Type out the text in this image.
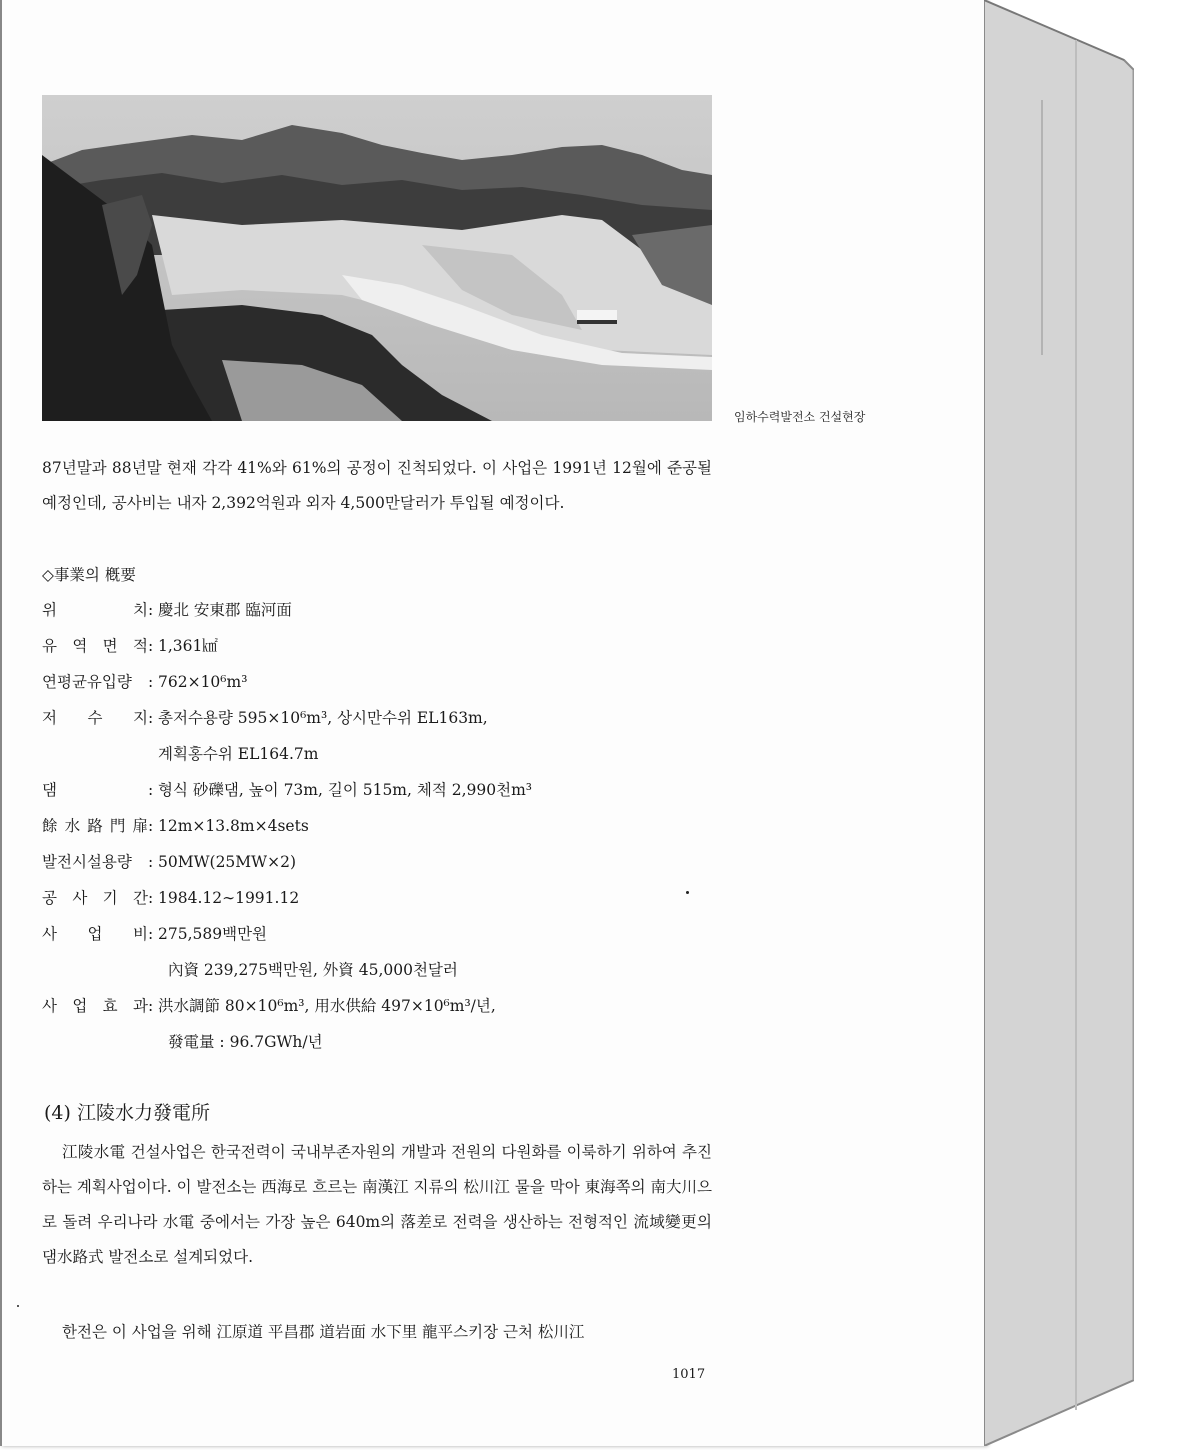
임하수력발전소 건설현장
87년말과 88년말 현재 각각 41%와 61%의 공정이 진척되었다. 이 사업은 1991년 12월에 준공될 예정인데, 공사비는 내자 2,392억원과 외자 4,500만달러가 투입될 예정이다.
◇事業의 槪要
위 치: 慶北 安東郡 臨河面
유 역 면 적: 1,361㎢
연평균유입량 : 762×10⁶m³
저 수 지: 총저수용량 595×10⁶m³, 상시만수위 EL163m,
계획홍수위 EL164.7m
댐	: 형식 砂礫댐, 높이 73m, 길이 515m, 체적 2,990천m³
餘水路門扉: 12m×13.8m×4sets
발전시설용량 : 50MW(25MW×2)
공 사 기 간: 1984.12∼1991.12
사 업 비: 275,589백만원
內資 239,275백만원, 外資 45,000천달러
사 업 효 과: 洪水調節 80×10⁶m³, 用水供給 497×10⁶m³/년,
發電量 : 96.7GWh/년
(4) 江陵水力發電所
江陵水電 건설사업은 한국전력이 국내부존자원의 개발과 전원의 다원화를 이룩하기 위하여 추진하는 계획사업이다. 이 발전소는 西海로 흐르는 南漢江 지류의 松川江 물을 막아 東海쪽의 南大川으로 돌려 우리나라 水電 중에서는 가장 높은 640m의 落差로 전력을 생산하는 전형적인 流域變更의 댐水路式 발전소로 설계되었다.
한전은 이 사업을 위해 江原道 平昌郡 道岩面 水下里 龍平스키장 근처 松川江
1017
